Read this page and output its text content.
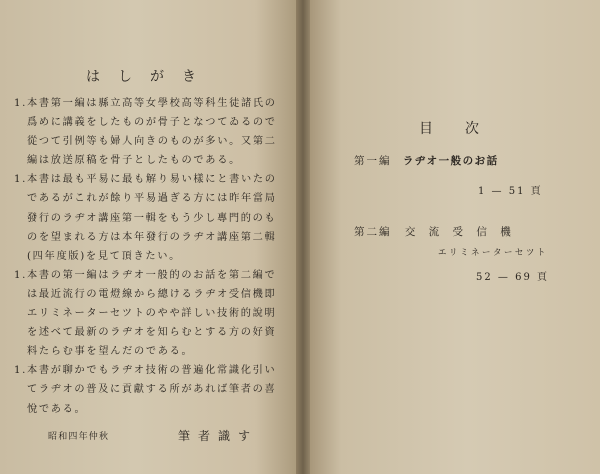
はしがき
1. 本書第一編は縣立高等女學校高等科生徒諸氏の
爲めに講義をしたものが骨子となつてゐるので
從つて引例等も婦人向きのものが多い。又第二
編は放送原稿を骨子としたものである。
1. 本書は最も平易に最も解り易い樣にと書いたの
であるがこれが餘り平易過ぎる方には昨年當局
發行のラヂオ講座第一輯をもう少し專門的のも
のを望まれる方は本年發行のラヂオ講座第二輯
(四年度版)を見て頂きたい。
1. 本書の第一編はラヂオ一般的のお話を第二編で
は最近流行の電燈線から總けるラヂオ受信機即
エリミネーターセツトのやや詳しい技術的說明
を述べて最新のラヂオを知らむとする方の好資
料たらむ事を望んだのである。
1. 本書が聊かでもラヂオ技術の普遍化常識化引い
てラヂオの普及に貢獻する所があれば筆者の喜
悅である。
昭和四年仲秋	筆者識す
目次
第一編 ラヂオ一般のお話
1 — 51 頁
第二編 交 流 受 信 機
エリミネーターセツト
52 — 69 頁
